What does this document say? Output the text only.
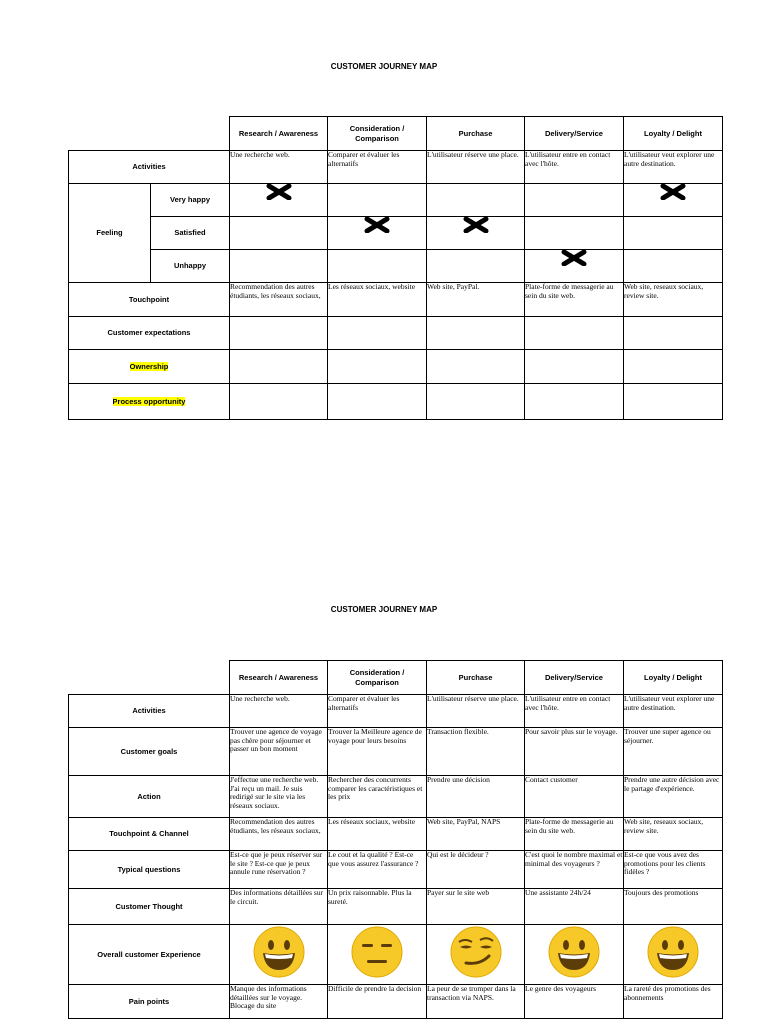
CUSTOMER JOURNEY MAP
		Research / Awareness	Consideration / Comparison	Purchase	Delivery/Service	Loyalty / Delight
Activities		Une recherche web.	Comparer et évaluer les alternatifs	L'utilisateur réserve une place.	L'utilisateur entre en contact avec l'hôte.	L'utilisateur veut explorer une autre destination.
Feeling	Very happy	

	Satisfied		

	Unhappy				

Touchpoint		Recommendation des autres étudiants, les réseaux sociaux,	Les réseaux sociaux, website	Web site, PayPal.	Plate-forme de messagerie au sein du site web.	Web site, reseaux sociaux, review site.
Customer expectations						
Ownership						
Process opportunity						
CUSTOMER JOURNEY MAP
	Research / Awareness	Consideration / Comparison	Purchase	Delivery/Service	Loyalty / Delight
Activities	Une recherche web.	Comparer et évaluer les alternatifs	L'utilisateur réserve une place.	L'utilisateur entre en contact avec l'hôte.	L'utilisateur veut explorer une autre destination.
Customer goals	Trouver une agence de voyage pas chère pour séjourner et passer un bon moment	Trouver la Meilleure agence de voyage pour leurs besoins	Transaction flexible.	Pour savoir plus sur le voyage.	Trouver une super agence ou séjourner.
Action	J'effectue une recherche web. J'ai reçu un mail. Je suis redirigé sur le site via les réseaux sociaux.	Rechercher des concurrents comparer les caractéristiques et les prix	Prendre une décision	Contact customer	Prendre une autre décision avec le partage d'expérience.
Touchpoint & Channel	Recommendation des autres étudiants, les réseaux sociaux,	Les réseaux sociaux, website	Web site, PayPal, NAPS	Plate-forme de messagerie au sein du site web.	Web site, reseaux sociaux, review site.
Typical questions	Est-ce que je peux réserver sur le site ? Est-ce que je peux annule rune réservation ?	Le cout et la qualité ? Est-ce que vous assurez l'assurance ?	Qui est le décideur ?	C'est quoi le nombre maximal et minimal des voyageurs ?	Est-ce que vous avez des promotions pour les clients fidèles ?
Customer Thought	Des informations détaillées sur le circuit.	Un prix raisonnable. Plus la sureté.	Payer sur le site web	Une assistante 24h/24	Toujours des promotions
Overall customer Experience	

Pain points	Manque des informations détaillées sur le voyage. Blocage du site	Difficile de prendre la decision	La peur de se tromper dans la transaction via NAPS.	Le genre des voyageurs	La rareté des promotions des abonnements
